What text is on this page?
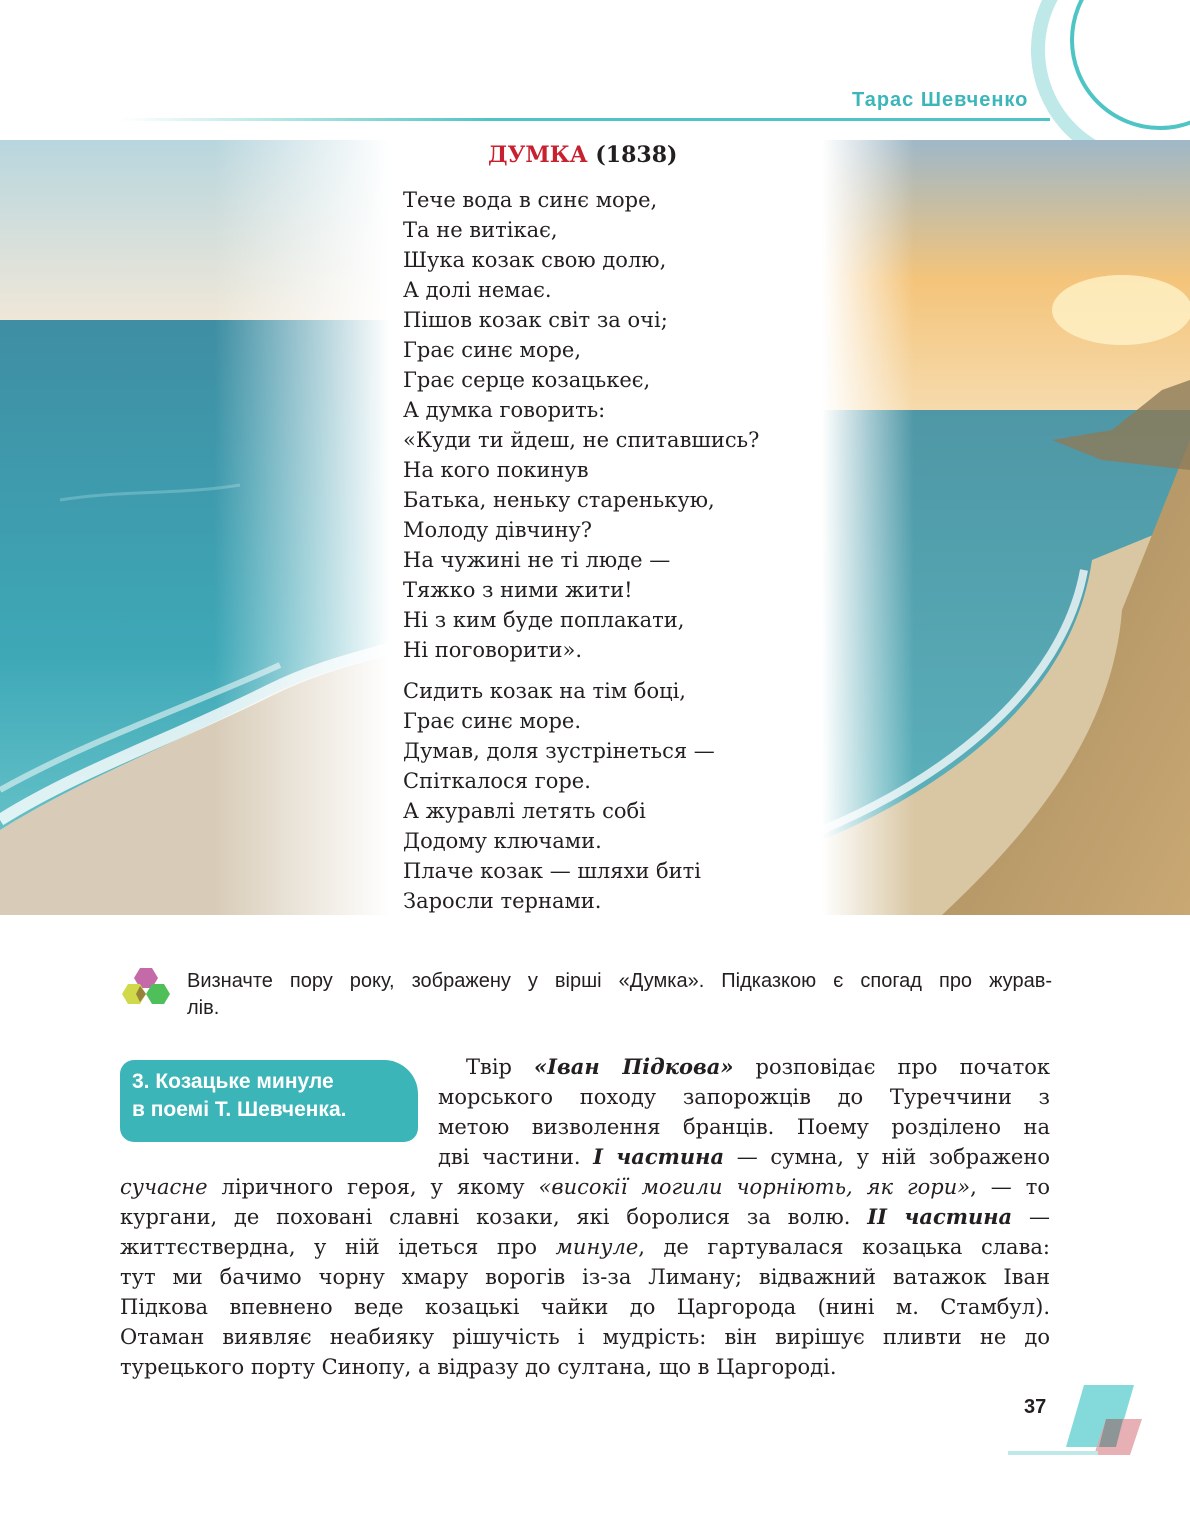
Тарас Шевченко
ДУМКА (1838)
Тече вода в синє море,
Та не витікає,
Шука козак свою долю,
А долі немає.
Пішов козак світ за очі;
Грає синє море,
Грає серце козацькеє,
А думка говорить:
«Куди ти йдеш, не спитавшись?
На кого покинув
Батька, неньку старенькую,
Молоду дівчину?
На чужині не ті люде —
Тяжко з ними жити!
Ні з ким буде поплакати,
Ні поговорити».
Сидить козак на тім боці,
Грає синє море.
Думав, доля зустрінеться —
Спіткалося горе.
А журавлі летять собі
Додому ключами.
Плаче козак — шляхи биті
Заросли тернами.
Визначте пору року, зображену у вірші «Думка». Підказкою є спогад про журав-
лів.
3. Козацьке минуле
в поемі Т. Шевченка.
Твір «Іван Підкова» розповідає про початок
морського походу запорожців до Туреччини з
метою визволення бранців. Поему розділено на
дві частини. І частина — сумна, у ній зображено
сучасне ліричного героя, у якому «високії могили чорніють, як гори», — то
кургани, де поховані славні козаки, які боролися за волю. ІІ частина —
життєствердна, у ній ідеться про минуле, де гартувалася козацька слава:
тут ми бачимо чорну хмару ворогів із-за Лиману; відважний ватажок Іван
Підкова впевнено веде козацькі чайки до Царгорода (нині м. Стамбул).
Отаман виявляє неабияку рішучість і мудрість: він вирішує пливти не до
турецького порту Синопу, а відразу до султана, що в Царгороді.
37
